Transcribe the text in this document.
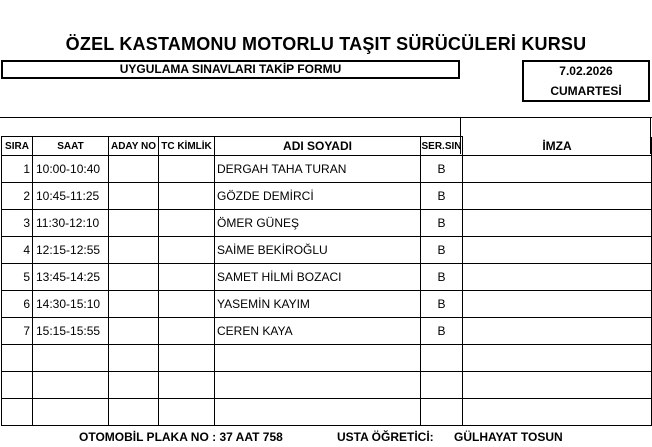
ÖZEL KASTAMONU MOTORLU TAŞIT SÜRÜCÜLERİ KURSU
UYGULAMA SINAVLARI TAKİP FORMU	7.02.2026
CUMARTESİ
SIRA	SAAT	ADAY NO	TC KİMLİK	ADI SOYADI	SER.SIN	İMZA
1	10:00-10:40			DERGAH TAHA TURAN	B	
2	10:45-11:25			GÖZDE DEMİRCİ	B	
3	11:30-12:10			ÖMER GÜNEŞ	B	
4	12:15-12:55			SAİME BEKİROĞLU	B	
5	13:45-14:25			SAMET HİLMİ BOZACI	B	
6	14:30-15:10			YASEMİN KAYIM	B	
7	15:15-15:55			CEREN KAYA	B	

OTOMOBİL PLAKA NO : 37 AAT 758	USTA ÖĞRETİCİ: GÜLHAYAT TOSUN
